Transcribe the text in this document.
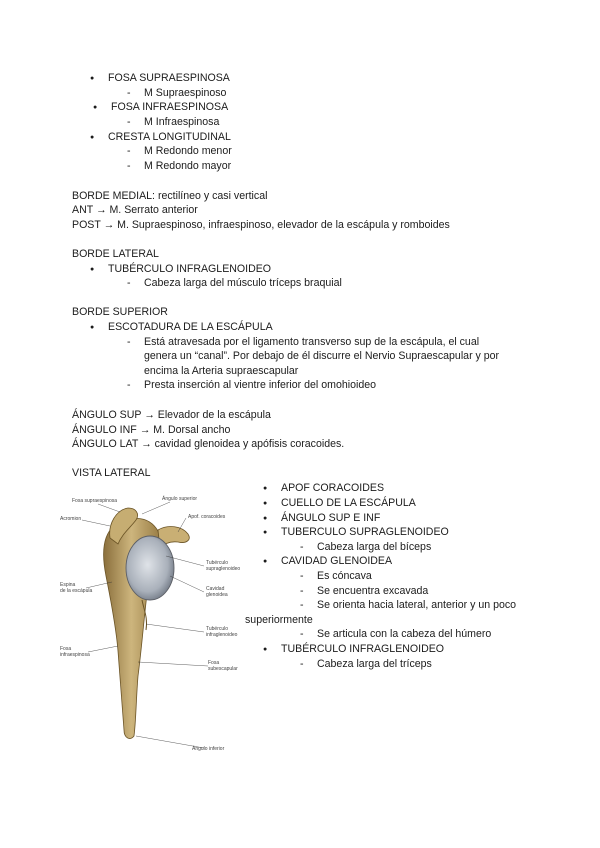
● FOSA SUPRAESPINOSA
- M Supraespinoso
● FOSA INFRAESPINOSA
- M Infraespinosa
● CRESTA LONGITUDINAL
- M Redondo menor
- M Redondo mayor
BORDE MEDIAL: rectilíneo y casi vertical
ANT → M. Serrato anterior
POST → M. Supraespinoso, infraespinoso, elevador de la escápula y romboides
BORDE LATERAL
● TUBÉRCULO INFRAGLENOIDEO
- Cabeza larga del músculo tríceps braquial
BORDE SUPERIOR
● ESCOTADURA DE LA ESCÁPULA
- Está atravesada por el ligamento transverso sup de la escápula, el cual
genera un “canal”. Por debajo de él discurre el Nervio Supraescapular y por
encima la Arteria supraescapular
- Presta inserción al vientre inferior del omohioideo
ÁNGULO SUP → Elevador de la escápula
ÁNGULO INF → M. Dorsal ancho
ÁNGULO LAT → cavidad glenoidea y apófisis coracoides.
VISTA LATERAL
● APOF CORACOIDES
● CUELLO DE LA ESCÁPULA
● ÁNGULO SUP E INF
● TUBERCULO SUPRAGLENOIDEO
- Cabeza larga del bíceps
● CAVIDAD GLENOIDEA
- Es cóncava
- Se encuentra excavada
- Se orienta hacia lateral, anterior y un poco
superiormente
- Se articula con la cabeza del húmero
● TUBÉRCULO INFRAGLENOIDEO
- Cabeza larga del tríceps
Fosa supraespinosa	Ángulo superior
Acromion	Apof. coracoides
Tubérculo
supraglenoideo
Cavidad
glenoidea
Espina
de la escápula
Tubérculo
infraglenoideo
Fosa
infraespinosa
Fosa
subescapular
Ángulo inferior
